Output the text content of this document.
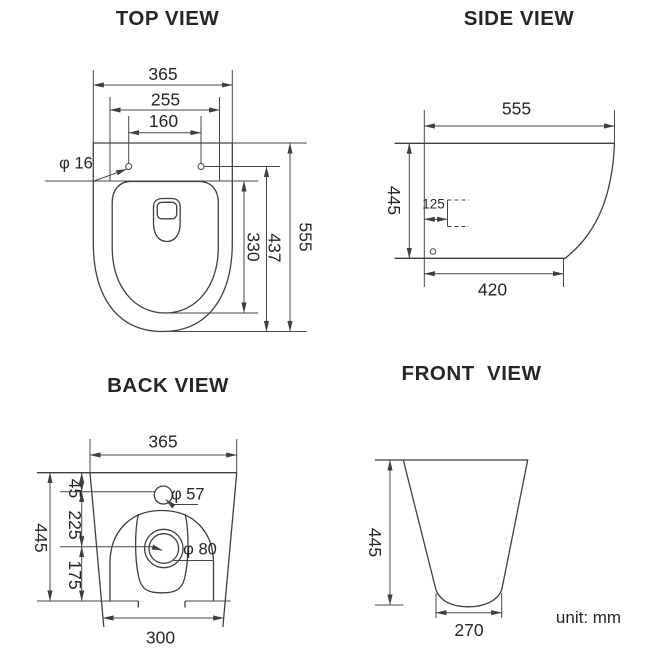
TOP VIEW
365
255
160
φ 16
330 437 555
SIDE VIEW
555
445 125
420
BACK VIEW
365
445
45
225
175
φ 57
φ 80
300
FRONT  VIEW
445
270
unit: mm
